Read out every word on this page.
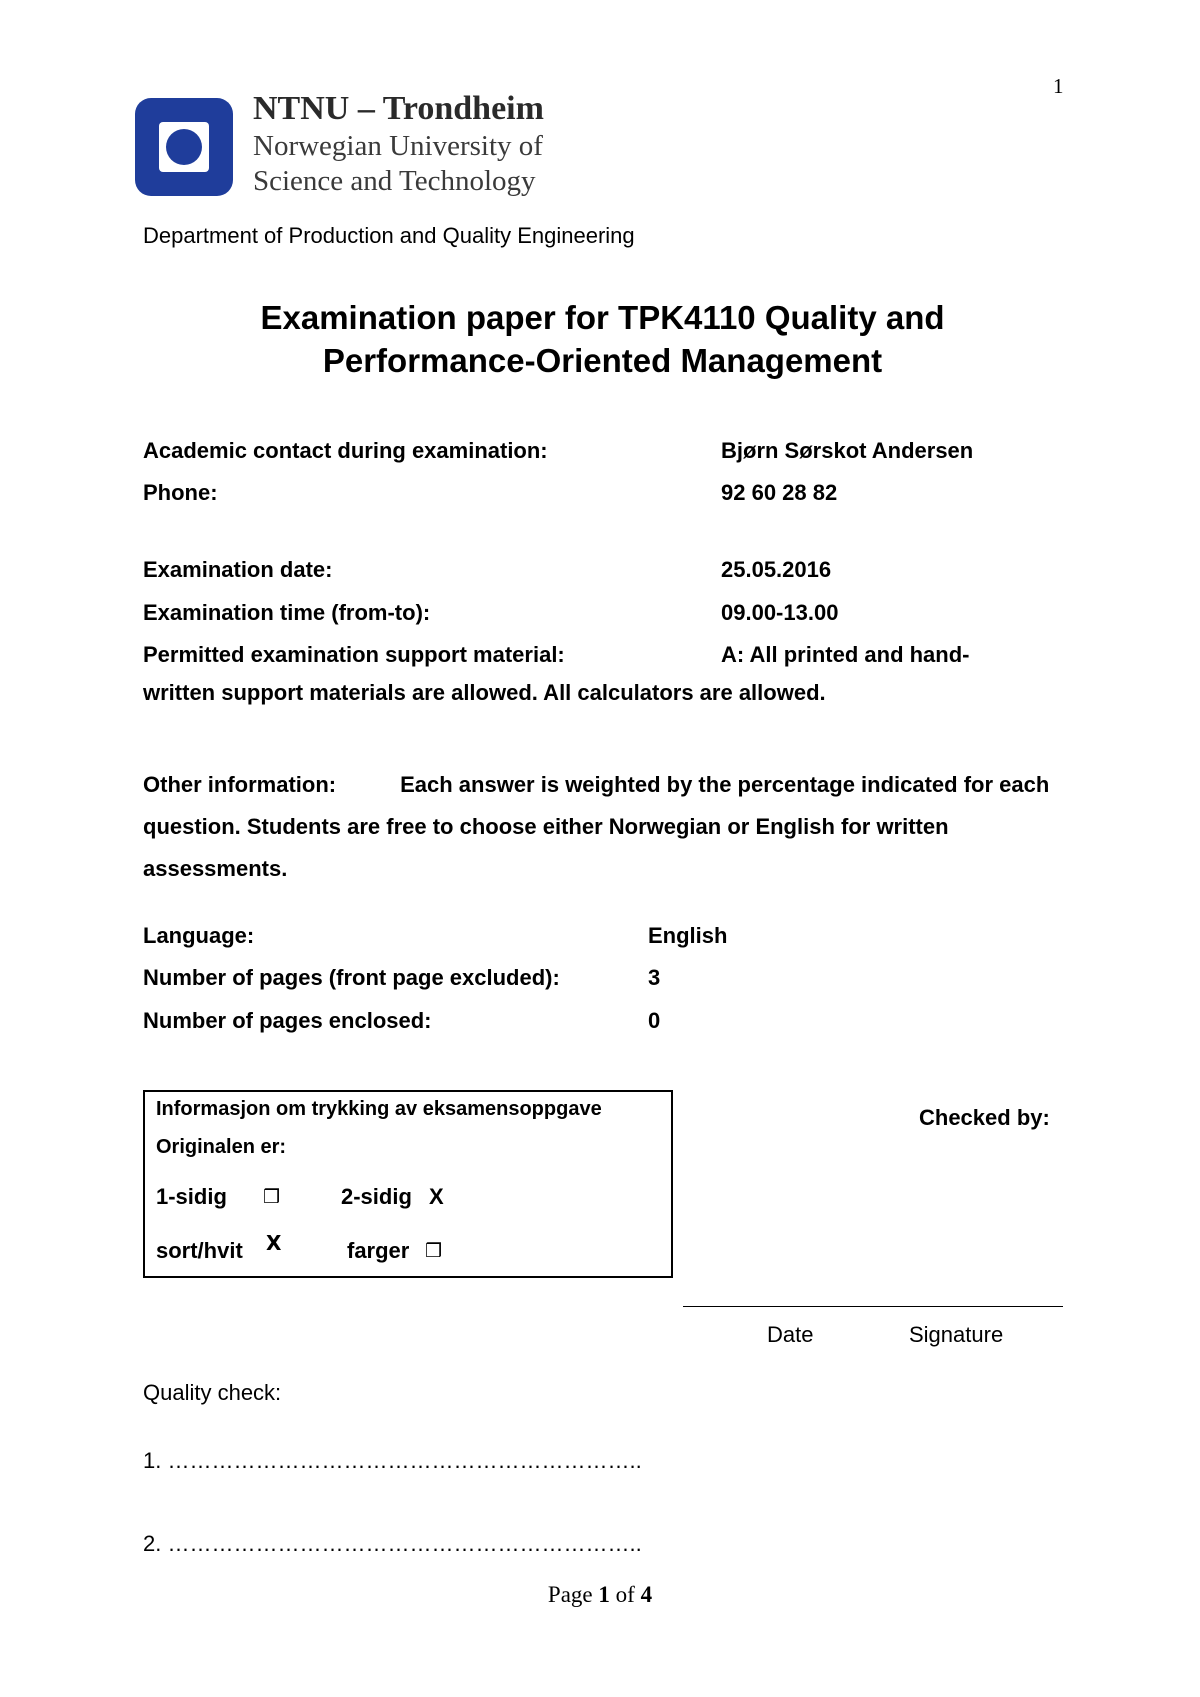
1
NTNU – Trondheim
Norwegian University of
Science and Technology
Department of Production and Quality Engineering
Examination paper for TPK4110 Quality and
Performance-Oriented Management
Academic contact during examination:	Bjørn Sørskot Andersen
Phone:	92 60 28 82
Examination date:	25.05.2016
Examination time (from-to):	09.00-13.00
Permitted examination support material:	A: All printed and hand-
written support materials are allowed. All calculators are allowed.
Other information:	Each answer is weighted by the percentage indicated for each question. Students are free to choose either Norwegian or English for written assessments.
Language:	English
Number of pages (front page excluded):	3
Number of pages enclosed:	0
Informasjon om trykking av eksamensoppgave
Originalen er:
1-sidig ❒	2-sidig X
sort/hvit X	farger ❒
Checked by:
Date	Signature
Quality check:
1. ………………………………………………………..
2. ………………………………………………………..
Page 1 of 4
